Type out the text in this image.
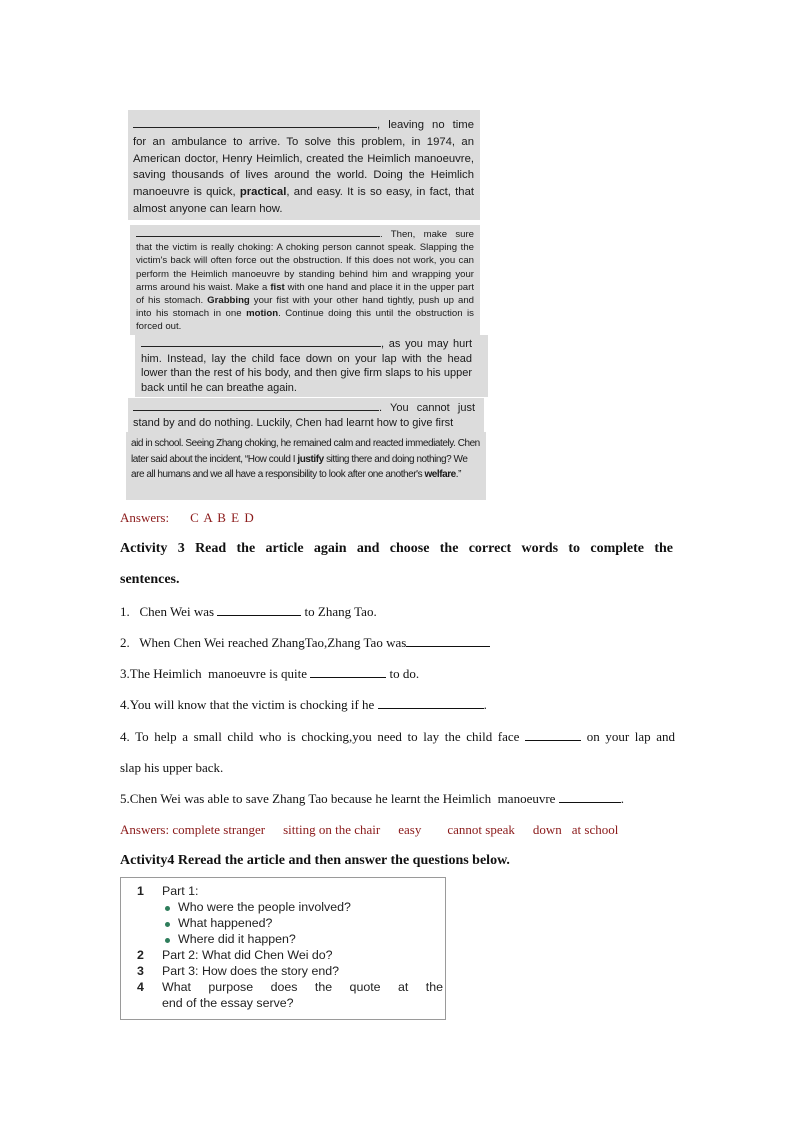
, leaving no time for an ambulance to arrive. To solve this problem, in 1974, an American doctor, Henry Heimlich, created the Heimlich manoeuvre, saving thousands of lives around the world. Doing the Heimlich manoeuvre is quick, practical, and easy. It is so easy, in fact, that almost anyone can learn how.

. Then, make sure that the victim is really choking: A choking person cannot speak. Slapping the victim's back will often force out the obstruction. If this does not work, you can perform the Heimlich manoeuvre by standing behind him and wrapping your arms around his waist. Make a fist with one hand and place it in the upper part of his stomach. Grabbing your fist with your other hand tightly, push up and into his stomach in one motion. Continue doing this until the obstruction is forced out.

, as you may hurt him. Instead, lay the child face down on your lap with the head lower than the rest of his body, and then give firm slaps to his upper back until he can breathe again.

. You cannot just stand by and do nothing. Luckily, Chen had learnt how to give first

aid in school. Seeing Zhang choking, he remained calm and reacted immediately. Chen later said about the incident, “How could I justify sitting there and doing nothing? We are all humans and we all have a responsibility to look after one another's welfare.”

Answers: C A B E D
Activity 3 Read the article again and choose the correct words to complete the
sentences.
1.   Chen Wei was	to Zhang Tao.
2.   When Chen Wei reached ZhangTao,Zhang Tao was
3.The Heimlich  manoeuvre is quite	to do.
4.You will know that the victim is chocking if he	.
4. To help a small child who is chocking,you need to lay the child face	on your lap and
slap his upper back.
5.Chen Wei was able to save Zhang Tao because he learnt the Heimlich  manoeuvre	.
Answers: complete stranger sitting on the chair easy cannot speak down at school
Activity4 Reread the article and then answer the questions below.
1 Part 1:
Who were the people involved?
What happened?
Where did it happen?
2 Part 2: What did Chen Wei do?
3 Part 3: How does the story end?
4 What purpose does the quote at the
end of the essay serve?
